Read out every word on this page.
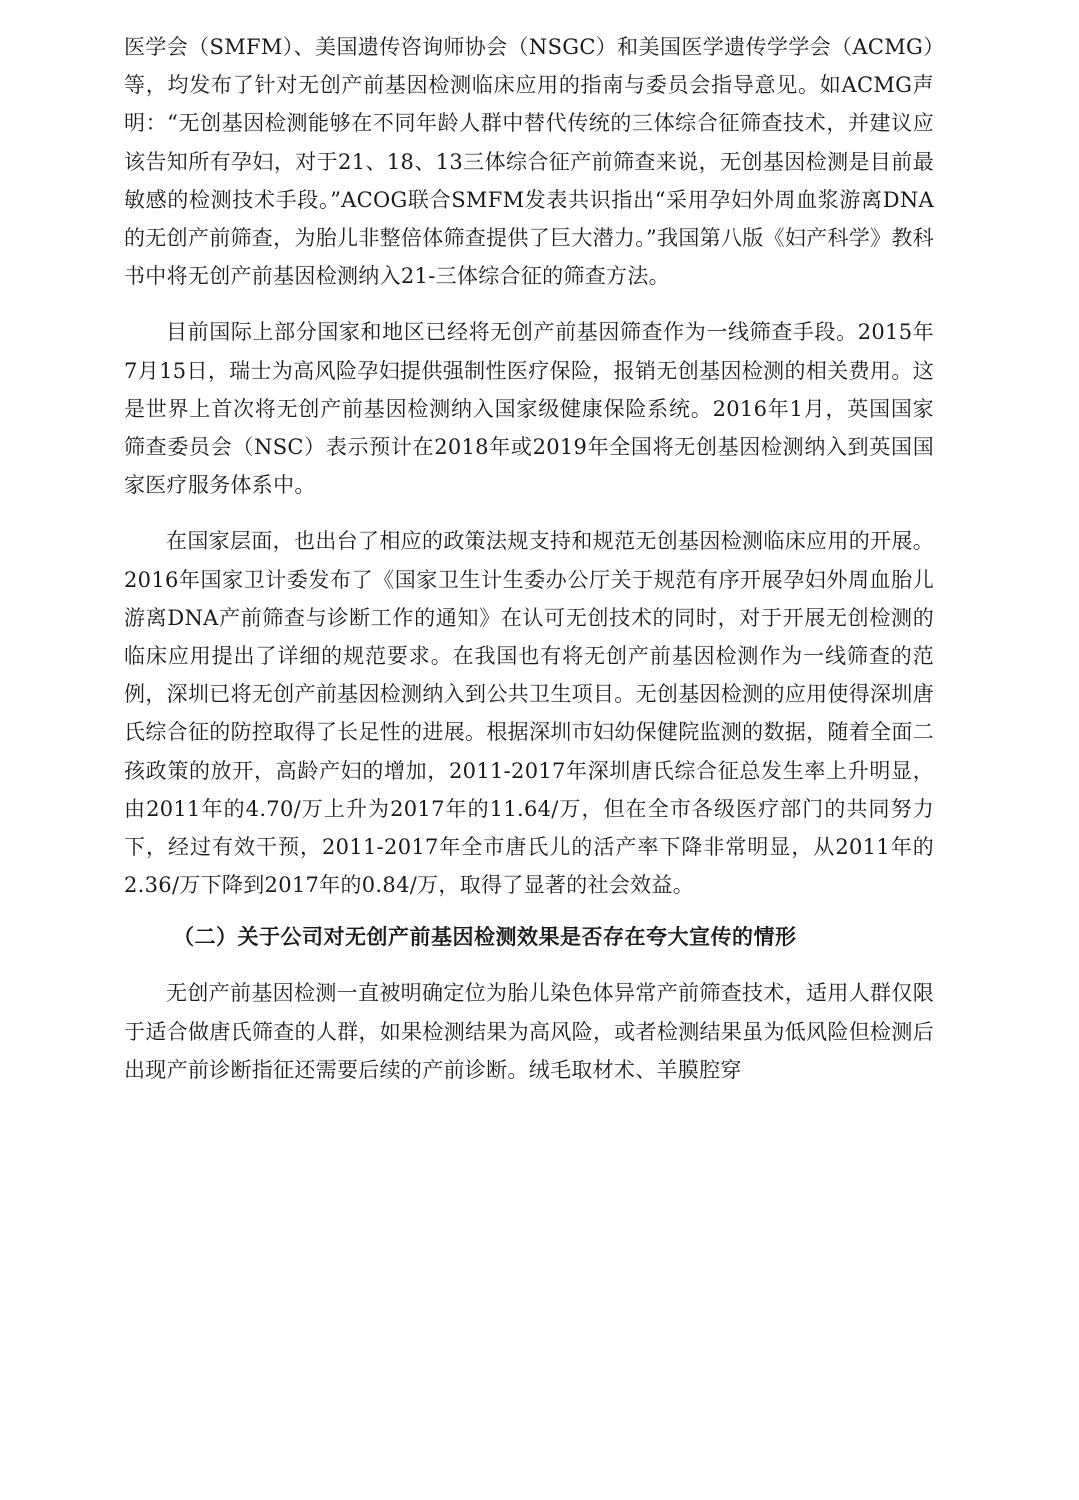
医学会（SMFM）、美国遗传咨询师协会（NSGC）和美国医学遗传学学会（ACMG）等，均发布了针对无创产前基因检测临床应用的指南与委员会指导意见。如ACMG声明：“无创基因检测能够在不同年龄人群中替代传统的三体综合征筛查技术，并建议应该告知所有孕妇，对于21、18、13三体综合征产前筛查来说，无创基因检测是目前最敏感的检测技术手段。”ACOG联合SMFM发表共识指出“采用孕妇外周血浆游离DNA的无创产前筛查，为胎儿非整倍体筛查提供了巨大潜力。”我国第八版《妇产科学》教科书中将无创产前基因检测纳入21-三体综合征的筛查方法。

目前国际上部分国家和地区已经将无创产前基因筛查作为一线筛查手段。2015年7月15日，瑞士为高风险孕妇提供强制性医疗保险，报销无创基因检测的相关费用。这是世界上首次将无创产前基因检测纳入国家级健康保险系统。2016年1月，英国国家筛查委员会（NSC）表示预计在2018年或2019年全国将无创基因检测纳入到英国国家医疗服务体系中。

在国家层面，也出台了相应的政策法规支持和规范无创基因检测临床应用的开展。2016年国家卫计委发布了《国家卫生计生委办公厅关于规范有序开展孕妇外周血胎儿游离DNA产前筛查与诊断工作的通知》在认可无创技术的同时，对于开展无创检测的临床应用提出了详细的规范要求。在我国也有将无创产前基因检测作为一线筛查的范例，深圳已将无创产前基因检测纳入到公共卫生项目。无创基因检测的应用使得深圳唐氏综合征的防控取得了长足性的进展。根据深圳市妇幼保健院监测的数据，随着全面二孩政策的放开，高龄产妇的增加，2011-2017年深圳唐氏综合征总发生率上升明显，由2011年的4.70/万上升为2017年的11.64/万，但在全市各级医疗部门的共同努力下，经过有效干预，2011-2017年全市唐氏儿的活产率下降非常明显，从2011年的2.36/万下降到2017年的0.84/万，取得了显著的社会效益。

（二）关于公司对无创产前基因检测效果是否存在夸大宣传的情形

无创产前基因检测一直被明确定位为胎儿染色体异常产前筛查技术，适用人群仅限于适合做唐氏筛查的人群，如果检测结果为高风险，或者检测结果虽为低风险但检测后出现产前诊断指征还需要后续的产前诊断。绒毛取材术、羊膜腔穿
